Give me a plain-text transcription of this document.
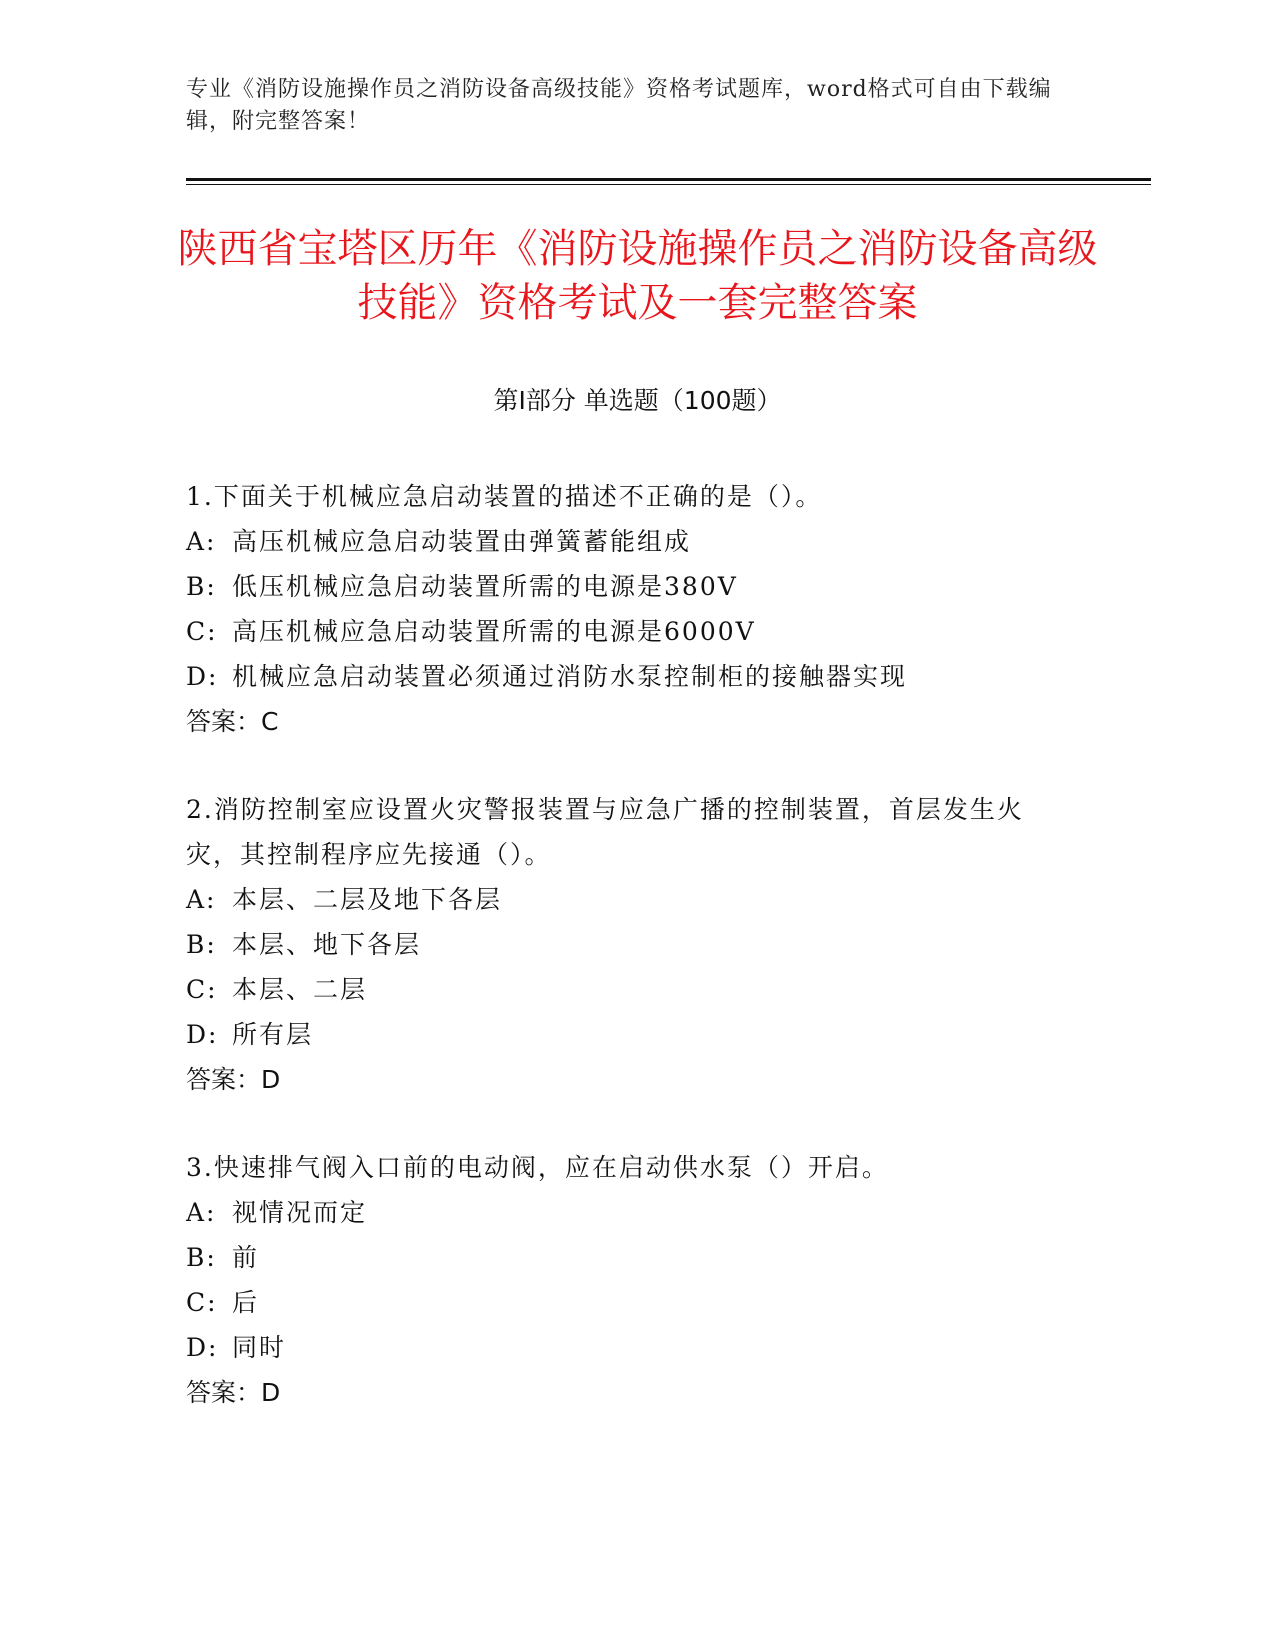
专业《消防设施操作员之消防设备高级技能》资格考试题库，word格式可自由下载编辑，附完整答案！
陕西省宝塔区历年《消防设施操作员之消防设备高级技能》资格考试及一套完整答案
第I部分 单选题（100题）

1.下面关于机械应急启动装置的描述不正确的是（）。

A: 高压机械应急启动装置由弹簧蓄能组成

B: 低压机械应急启动装置所需的电源是380V

C: 高压机械应急启动装置所需的电源是6000V

D: 机械应急启动装置必须通过消防水泵控制柜的接触器实现

答案：C

2.消防控制室应设置火灾警报装置与应急广播的控制装置，首层发生火灾，其控制程序应先接通（）。

A: 本层、二层及地下各层

B: 本层、地下各层

C: 本层、二层

D: 所有层

答案：D

3.快速排气阀入口前的电动阀，应在启动供水泵（）开启。

A: 视情况而定

B: 前

C: 后

D: 同时

答案：D
